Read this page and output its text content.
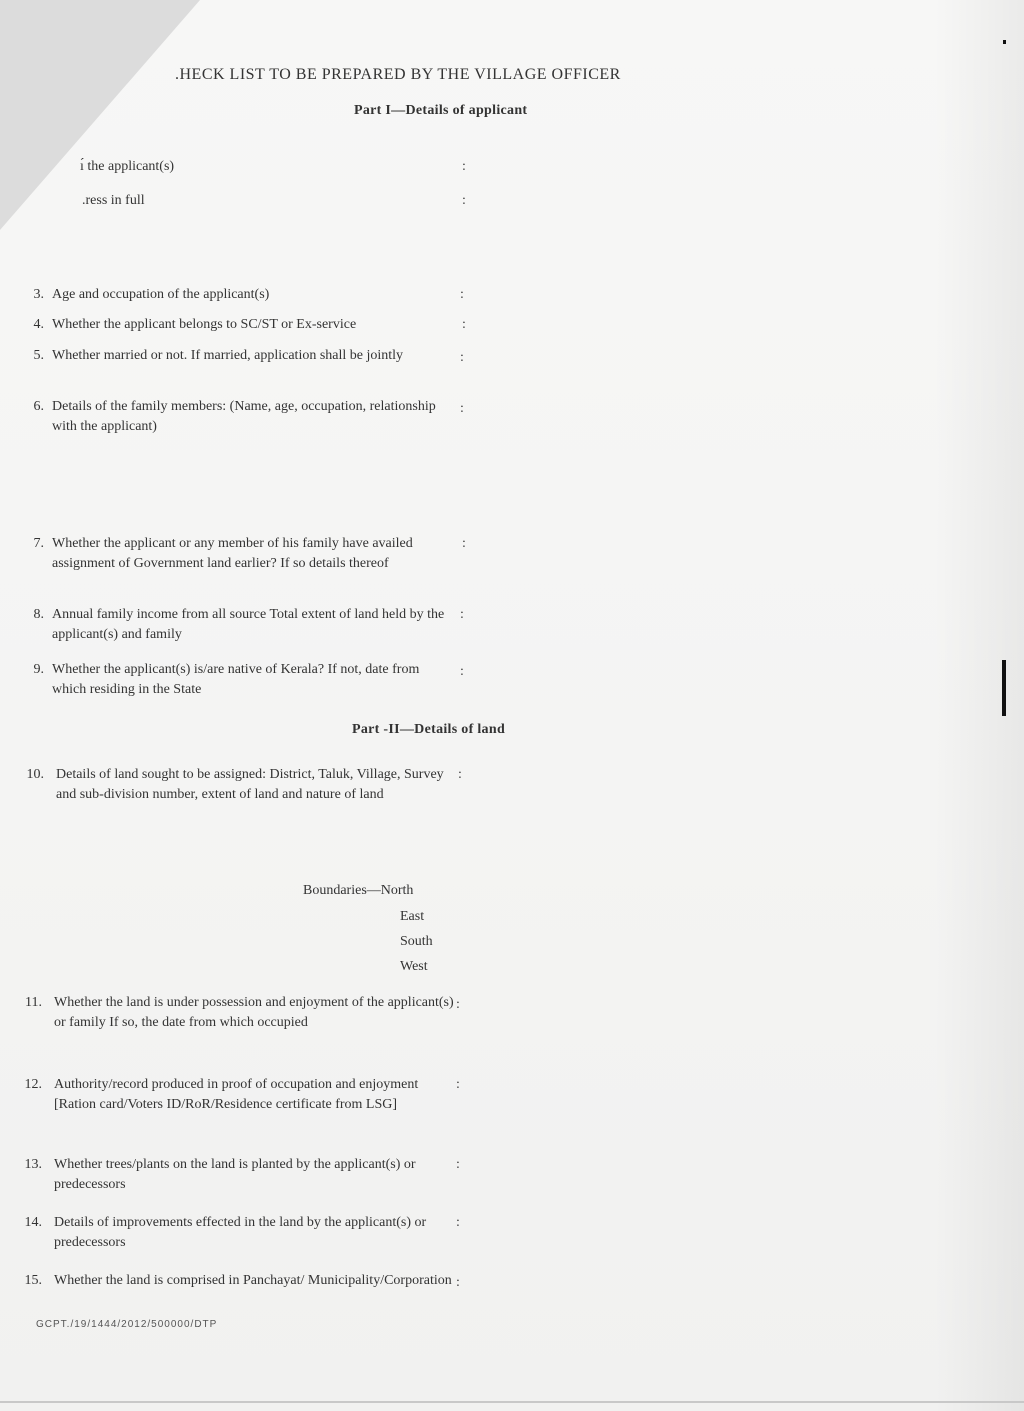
.HECK LIST TO BE PREPARED BY THE VILLAGE OFFICER
Part I—Details of applicant
ı́ the applicant(s)	:
.ress in full	:
3. Age and occupation of the applicant(s)	:
4. Whether the applicant belongs to SC/ST or Ex-service	:
5. Whether married or not. If married, application shall be jointly	:
6. Details of the family members: (Name, age, occupation, relationship with the applicant)
:
7. Whether the applicant or any member of his family have availed assignment of Government land earlier? If so details thereof
:
8. Annual family income from all source Total extent of land held by the applicant(s) and family
:
9. Whether the applicant(s) is/are native of Kerala? If not, date from which residing in the State
:
Part -II—Details of land
10. Details of land sought to be assigned: District, Taluk, Village, Survey and sub-division number, extent of land and nature of land
:
Boundaries—North
East
South
West
11. Whether the land is under possession and enjoyment of the applicant(s) or family If so, the date from which occupied
:
12. Authority/record produced in proof of occupation and enjoyment [Ration card/Voters ID/RoR/Residence certificate from LSG]
:
13. Whether trees/plants on the land is planted by the applicant(s) or predecessors
:
14. Details of improvements effected in the land by the applicant(s) or predecessors
:
15. Whether the land is comprised in Panchayat/ Municipality/Corporation :
GCPT./19/1444/2012/500000/DTP
